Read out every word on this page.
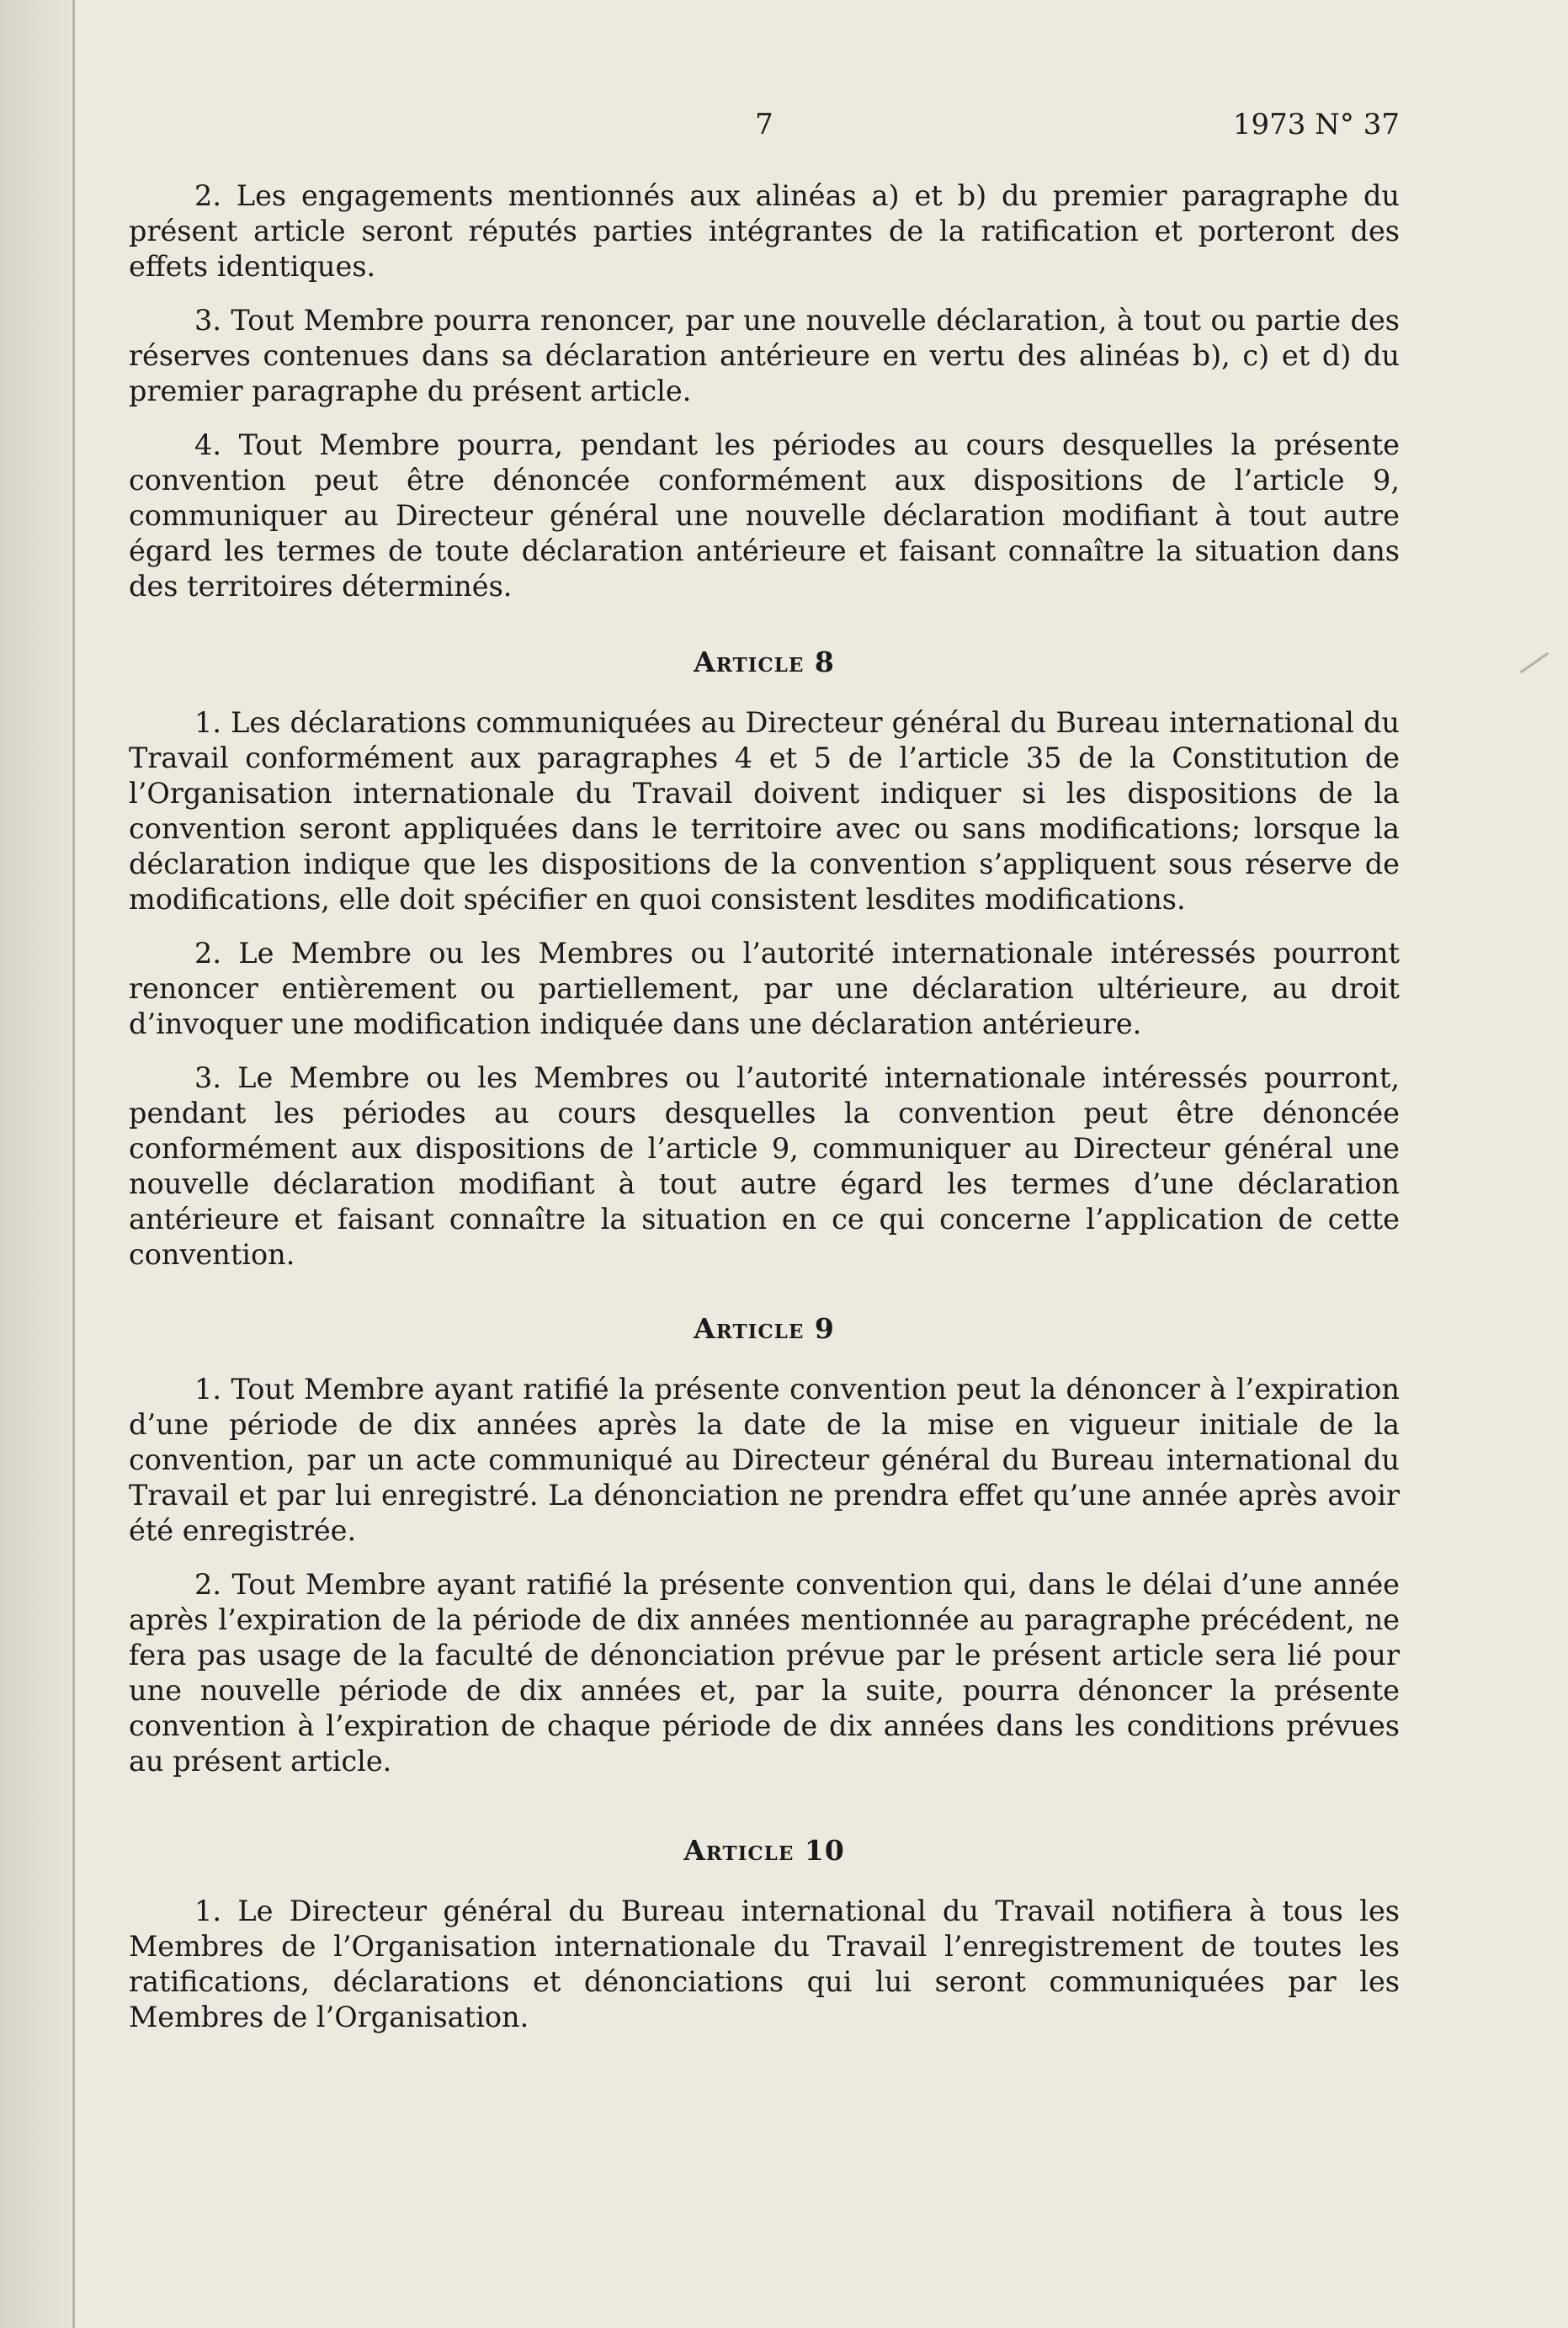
7	1973 N° 37

2. Les engagements mentionnés aux alinéas a) et b) du premier paragraphe du présent article seront réputés parties intégrantes de la ratification et porteront des effets identiques.

3. Tout Membre pourra renoncer, par une nouvelle déclaration, à tout ou partie des réserves contenues dans sa déclaration antérieure en vertu des alinéas b), c) et d) du premier paragraphe du présent article.

4. Tout Membre pourra, pendant les périodes au cours desquelles la présente convention peut être dénoncée conformément aux dispositions de l’article 9, communiquer au Directeur général une nouvelle déclaration modifiant à tout autre égard les termes de toute déclaration antérieure et faisant connaître la situation dans des territoires déterminés.

Article 8

1. Les déclarations communiquées au Directeur général du Bureau international du Travail conformément aux paragraphes 4 et 5 de l’article 35 de la Constitution de l’Organisation internationale du Travail doivent indiquer si les dispositions de la convention seront appliquées dans le territoire avec ou sans modifications; lorsque la déclaration indique que les dispositions de la convention s’appliquent sous réserve de modifications, elle doit spécifier en quoi consistent lesdites modifications.

2. Le Membre ou les Membres ou l’autorité internationale intéressés pourront renoncer entièrement ou partiellement, par une déclaration ultérieure, au droit d’invoquer une modification indiquée dans une déclaration antérieure.

3. Le Membre ou les Membres ou l’autorité internationale intéressés pourront, pendant les périodes au cours desquelles la convention peut être dénoncée conformément aux dispositions de l’article 9, communiquer au Directeur général une nouvelle déclaration modifiant à tout autre égard les termes d’une déclaration antérieure et faisant connaître la situation en ce qui concerne l’application de cette convention.

Article 9

1. Tout Membre ayant ratifié la présente convention peut la dénoncer à l’expiration d’une période de dix années après la date de la mise en vigueur initiale de la convention, par un acte communiqué au Directeur général du Bureau international du Travail et par lui enregistré. La dénonciation ne prendra effet qu’une année après avoir été enregistrée.

2. Tout Membre ayant ratifié la présente convention qui, dans le délai d’une année après l’expiration de la période de dix années mentionnée au paragraphe précédent, ne fera pas usage de la faculté de dénonciation prévue par le présent article sera lié pour une nouvelle période de dix années et, par la suite, pourra dénoncer la présente convention à l’expiration de chaque période de dix années dans les conditions prévues au présent article.

Article 10

1. Le Directeur général du Bureau international du Travail notifiera à tous les Membres de l’Organisation internationale du Travail l’enregistrement de toutes les ratifications, déclarations et dénonciations qui lui seront communiquées par les Membres de l’Organisation.
